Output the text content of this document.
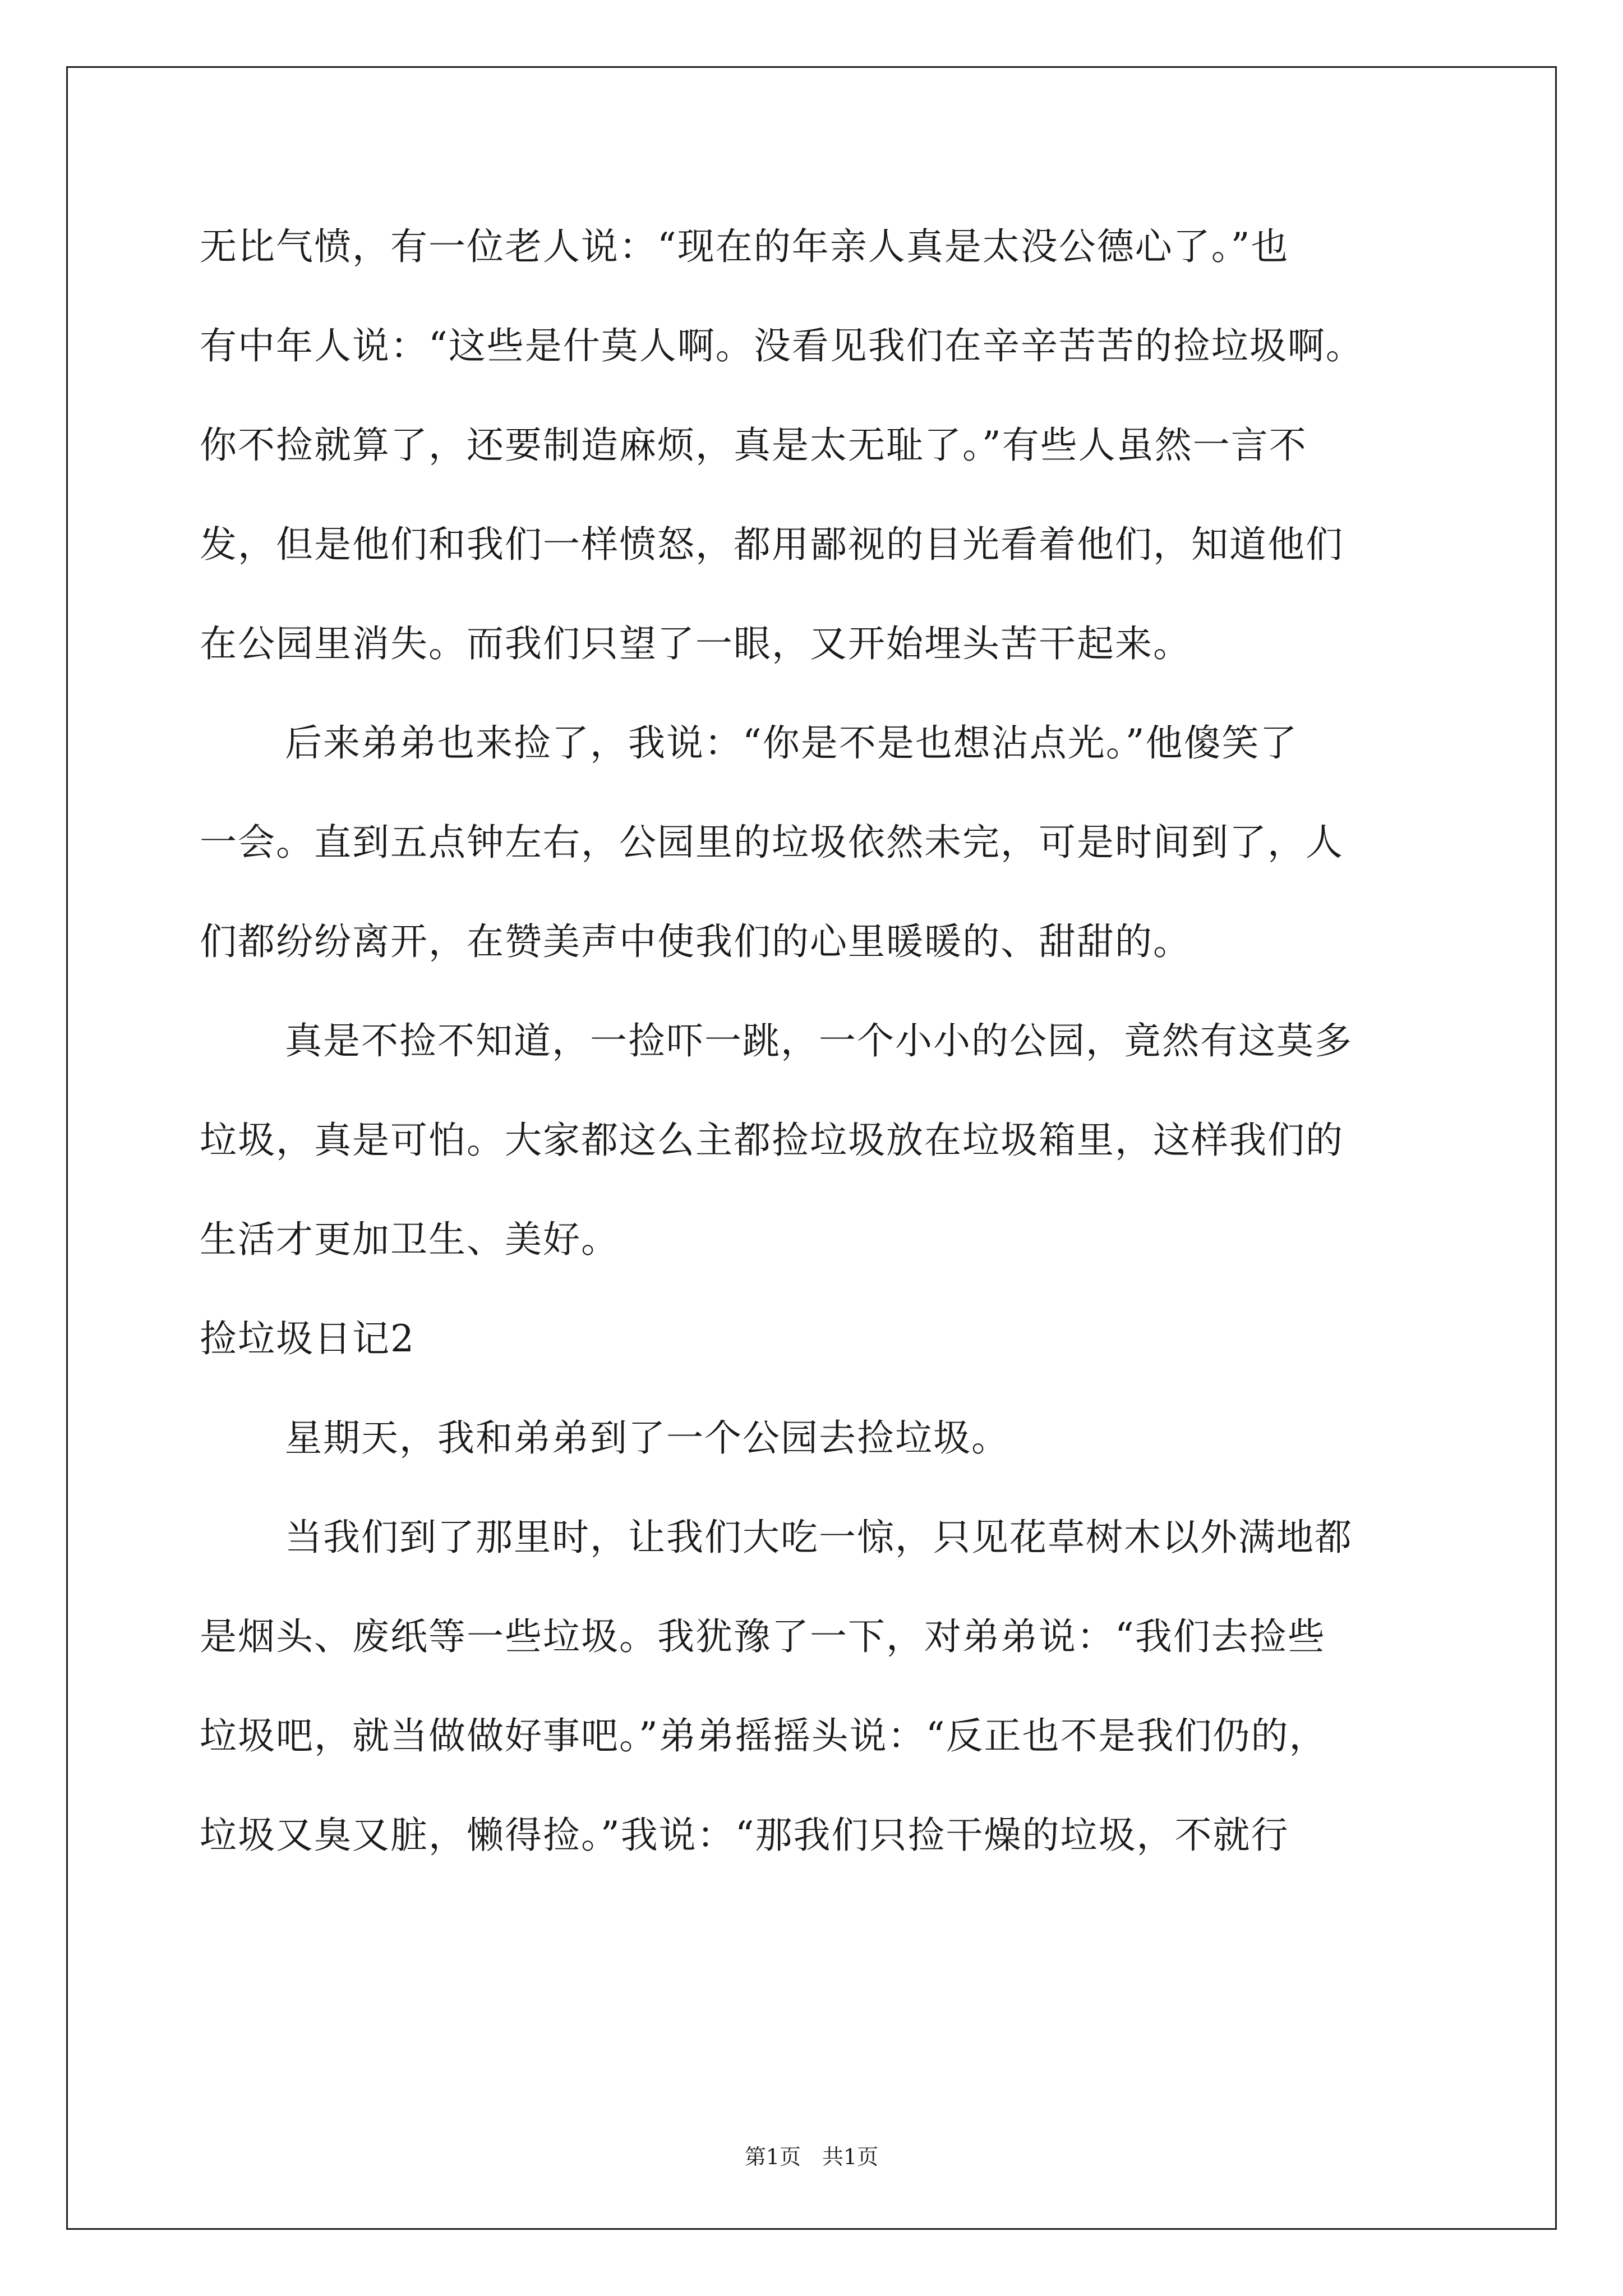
无比气愤，有一位老人说：“现在的年亲人真是太没公德心了。”也
有中年人说：“这些是什莫人啊。没看见我们在辛辛苦苦的捡垃圾啊。
你不捡就算了，还要制造麻烦，真是太无耻了。”有些人虽然一言不
发，但是他们和我们一样愤怒，都用鄙视的目光看着他们，知道他们
在公园里消失。而我们只望了一眼，又开始埋头苦干起来。
后来弟弟也来捡了，我说：“你是不是也想沾点光。”他傻笑了
一会。直到五点钟左右，公园里的垃圾依然未完，可是时间到了，人
们都纷纷离开，在赞美声中使我们的心里暖暖的、甜甜的。
真是不捡不知道，一捡吓一跳，一个小小的公园，竟然有这莫多
垃圾，真是可怕。大家都这么主都捡垃圾放在垃圾箱里，这样我们的
生活才更加卫生、美好。
捡垃圾日记2
星期天，我和弟弟到了一个公园去捡垃圾。
当我们到了那里时，让我们大吃一惊，只见花草树木以外满地都
是烟头、废纸等一些垃圾。我犹豫了一下，对弟弟说：“我们去捡些
垃圾吧，就当做做好事吧。”弟弟摇摇头说：“反正也不是我们仍的，
垃圾又臭又脏，懒得捡。”我说：“那我们只捡干燥的垃圾，不就行
第1页　共1页
